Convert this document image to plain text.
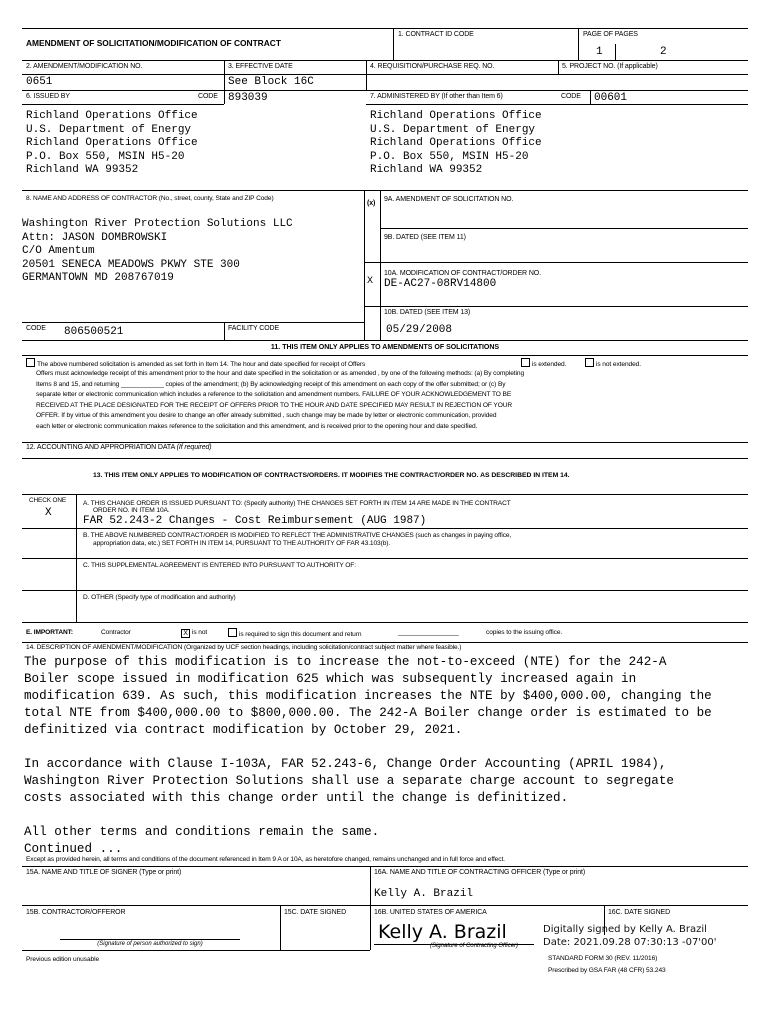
AMENDMENT OF SOLICITATION/MODIFICATION OF CONTRACT
1. CONTRACT ID CODE	PAGE OF PAGES
1	2
2. AMENDMENT/MODIFICATION NO.
0651
3. EFFECTIVE DATE
See Block 16C
4. REQUISITION/PURCHASE REQ. NO.	5. PROJECT NO. (If applicable)
6. ISSUED BY	CODE 893039	7. ADMINISTERED BY (If other than Item 6)	CODE 00601
Richland Operations Office
U.S. Department of Energy
Richland Operations Office
P.O. Box 550, MSIN H5-20
Richland WA 99352
Richland Operations Office
U.S. Department of Energy
Richland Operations Office
P.O. Box 550, MSIN H5-20
Richland WA 99352
8. NAME AND ADDRESS OF CONTRACTOR (No., street, county, State and ZIP Code)
Washington River Protection Solutions LLC
Attn: JASON DOMBROWSKI
C/O Amentum
20501 SENECA MEADOWS PKWY STE 300
GERMANTOWN MD 208767019
(x)
9A. AMENDMENT OF SOLICITATION NO.
9B. DATED (SEE ITEM 11)
X
10A. MODIFICATION OF CONTRACT/ORDER NO.
DE-AC27-08RV14800
10B. DATED (SEE ITEM 13)
05/29/2008
CODE 806500521	FACILITY CODE
11. THIS ITEM ONLY APPLIES TO AMENDMENTS OF SOLICITATIONS
The above numbered solicitation is amended as set forth in Item 14. The hour and date specified for receipt of Offers	is extended.	is not extended.
Offers must acknowledge receipt of this amendment prior to the hour and date specified in the solicitation or as amended , by one of the following methods: (a) By completing
Items 8 and 15, and returning ____________ copies of the amendment; (b) By acknowledging receipt of this amendment on each copy of the offer submitted; or (c) By
separate letter or electronic communication which includes a reference to the solicitation and amendment numbers. FAILURE OF YOUR ACKNOWLEDGEMENT TO BE
RECEIVED AT THE PLACE DESIGNATED FOR THE RECEIPT OF OFFERS PRIOR TO THE HOUR AND DATE SPECIFIED MAY RESULT IN REJECTION OF YOUR
OFFER. If by virtue of this amendment you desire to change an offer already submitted , such change may be made by letter or electronic communication, provided
each letter or electronic communication makes reference to the solicitation and this amendment, and is received prior to the opening hour and date specified.
12. ACCOUNTING AND APPROPRIATION DATA (If required)
13. THIS ITEM ONLY APPLIES TO MODIFICATION OF CONTRACTS/ORDERS. IT MODIFIES THE CONTRACT/ORDER NO. AS DESCRIBED IN ITEM 14.
CHECK ONE
X
A. THIS CHANGE ORDER IS ISSUED PURSUANT TO: (Specify authority) THE CHANGES SET FORTH IN ITEM 14 ARE MADE IN THE CONTRACT
ORDER NO. IN ITEM 10A.
FAR 52.243-2 Changes - Cost Reimbursement (AUG 1987)
B. THE ABOVE NUMBERED CONTRACT/ORDER IS MODIFIED TO REFLECT THE ADMINISTRATIVE CHANGES (such as changes in paying office,
appropriation data, etc.) SET FORTH IN ITEM 14, PURSUANT TO THE AUTHORITY OF FAR 43.103(b).
C. THIS SUPPLEMENTAL AGREEMENT IS ENTERED INTO PURSUANT TO AUTHORITY OF:
D. OTHER (Specify type of modification and authority)
E. IMPORTANT:	Contractor	X is not	is required to sign this document and return	_________________	copies to the issuing office.
14. DESCRIPTION OF AMENDMENT/MODIFICATION (Organized by UCF section headings, including solicitation/contract subject matter where feasible.)
The purpose of this modification is to increase the not-to-exceed (NTE) for the 242-A
Boiler scope issued in modification 625 which was subsequently increased again in
modification 639. As such, this modification increases the NTE by $400,000.00, changing the
total NTE from $400,000.00 to $800,000.00. The 242-A Boiler change order is estimated to be
definitized via contract modification by October 29, 2021.
In accordance with Clause I-103A, FAR 52.243-6, Change Order Accounting (APRIL 1984),
Washington River Protection Solutions shall use a separate charge account to segregate
costs associated with this change order until the change is definitized.
All other terms and conditions remain the same.
Continued ...
Except as provided herein, all terms and conditions of the document referenced in Item 9 A or 10A, as heretofore changed, remains unchanged and in full force and effect.
15A. NAME AND TITLE OF SIGNER (Type or print)	16A. NAME AND TITLE OF CONTRACTING OFFICER (Type or print)
Kelly A. Brazil
15B. CONTRACTOR/OFFEROR	15C. DATE SIGNED	16B. UNITED STATES OF AMERICA	16C. DATE SIGNED
(Signature of person authorized to sign)
Kelly A. Brazil
(Signature of Contracting Officer)
Digitally signed by Kelly A. Brazil
Date: 2021.09.28 07:30:13 -07'00'
Previous edition unusable	STANDARD FORM 30 (REV. 11/2016)
Prescribed by GSA FAR (48 CFR) 53.243
